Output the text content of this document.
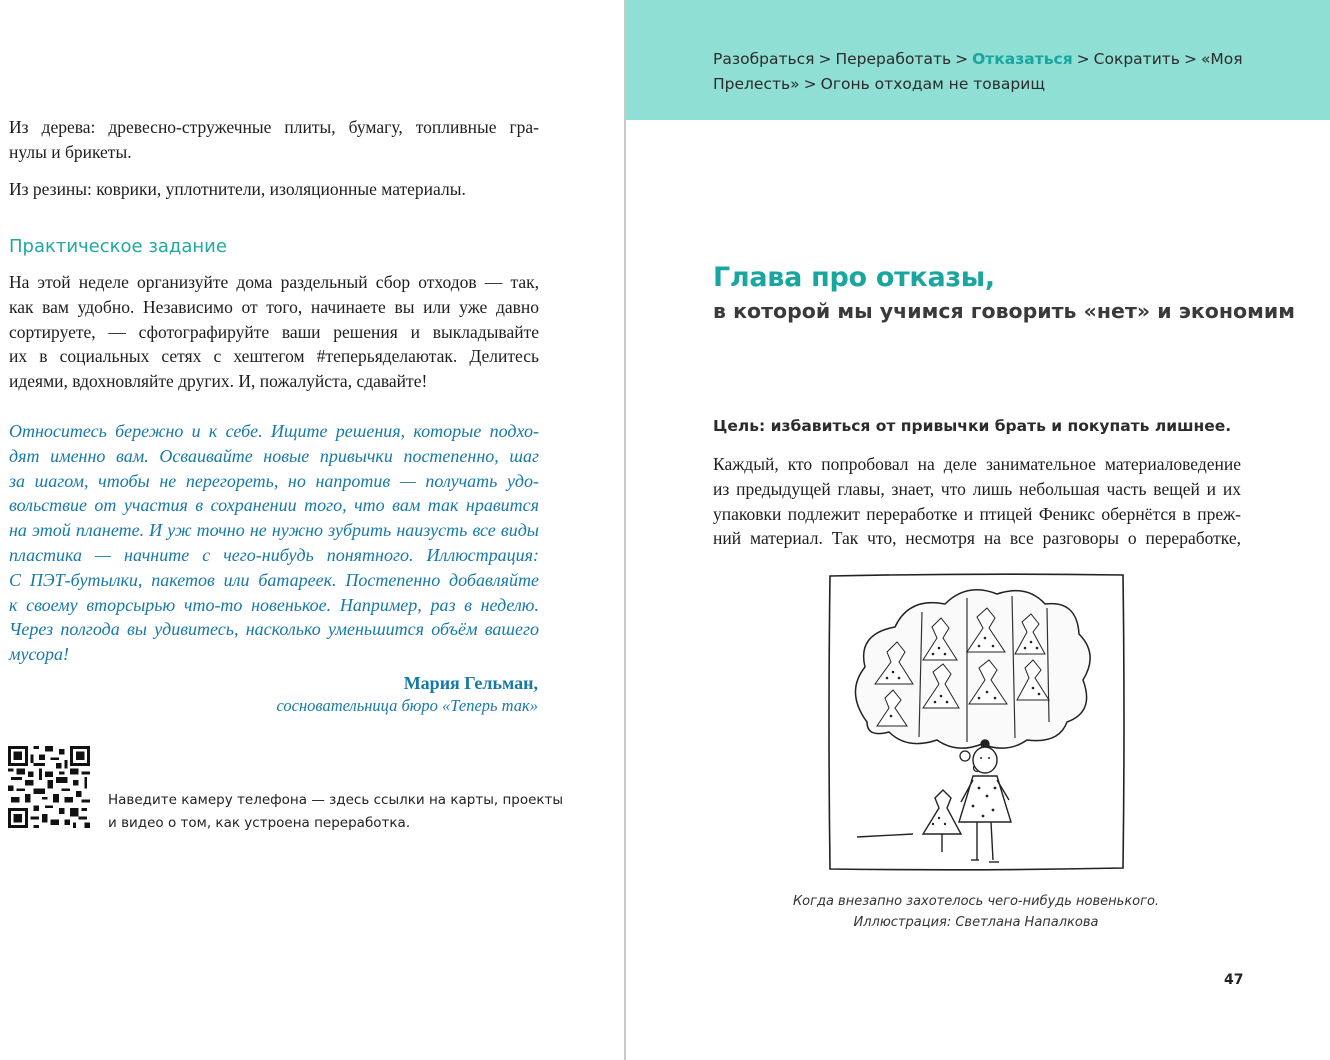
Из дерева: древесно-стружечные плиты, бумагу, топливные гра-
нулы и брикеты.

Из резины: коврики, уплотнители, изоляционные материалы.

Практическое задание
На этой неделе организуйте дома раздельный сбор отходов — так,
как вам удобно. Независимо от того, начинаете вы или уже давно
сортируете, — сфотографируйте ваши решения и выкладывайте
их в социальных сетях с хештегом #теперьяделаютак. Делитесь
идеями, вдохновляйте других. И, пожалуйста, сдавайте!
Относитесь бережно и к себе. Ищите решения, которые подхо-
дят именно вам. Осваивайте новые привычки постепенно, шаг
за шагом, чтобы не перегореть, но напротив — получать удо-
вольствие от участия в сохранении того, что вам так нравится
на этой планете. И уж точно не нужно зубрить наизусть все виды
пластика — начните с чего-нибудь понятного. Иллюстрация:
С ПЭТ-бутылки, пакетов или батареек. Постепенно добавляйте
к своему вторсырью что-то новенькое. Например, раз в неделю.
Через полгода вы удивитесь, насколько уменьшится объём вашего
мусора!

Мария Гельман,

сосновательница бюро «Теперь так»

Наведите камеру телефона — здесь ссылки на карты, проекты
и видео о том, как устроена переработка.
Разобраться > Переработать > Отказаться > Сократить > «Моя
Прелесть» > Огонь отходам не товарищ
Глава про отказы,
в которой мы учимся говорить «нет» и экономим

Цель: избавиться от привычки брать и покупать лишнее.

Каждый, кто попробовал на деле занимательное материаловедение
из предыдущей главы, знает, что лишь небольшая часть вещей и их
упаковки подлежит переработке и птицей Феникс обернётся в преж-
ний материал. Так что, несмотря на все разговоры о переработке,
Когда внезапно захотелось чего-нибудь новенького.
Иллюстрация: Светлана Напалкова

47
